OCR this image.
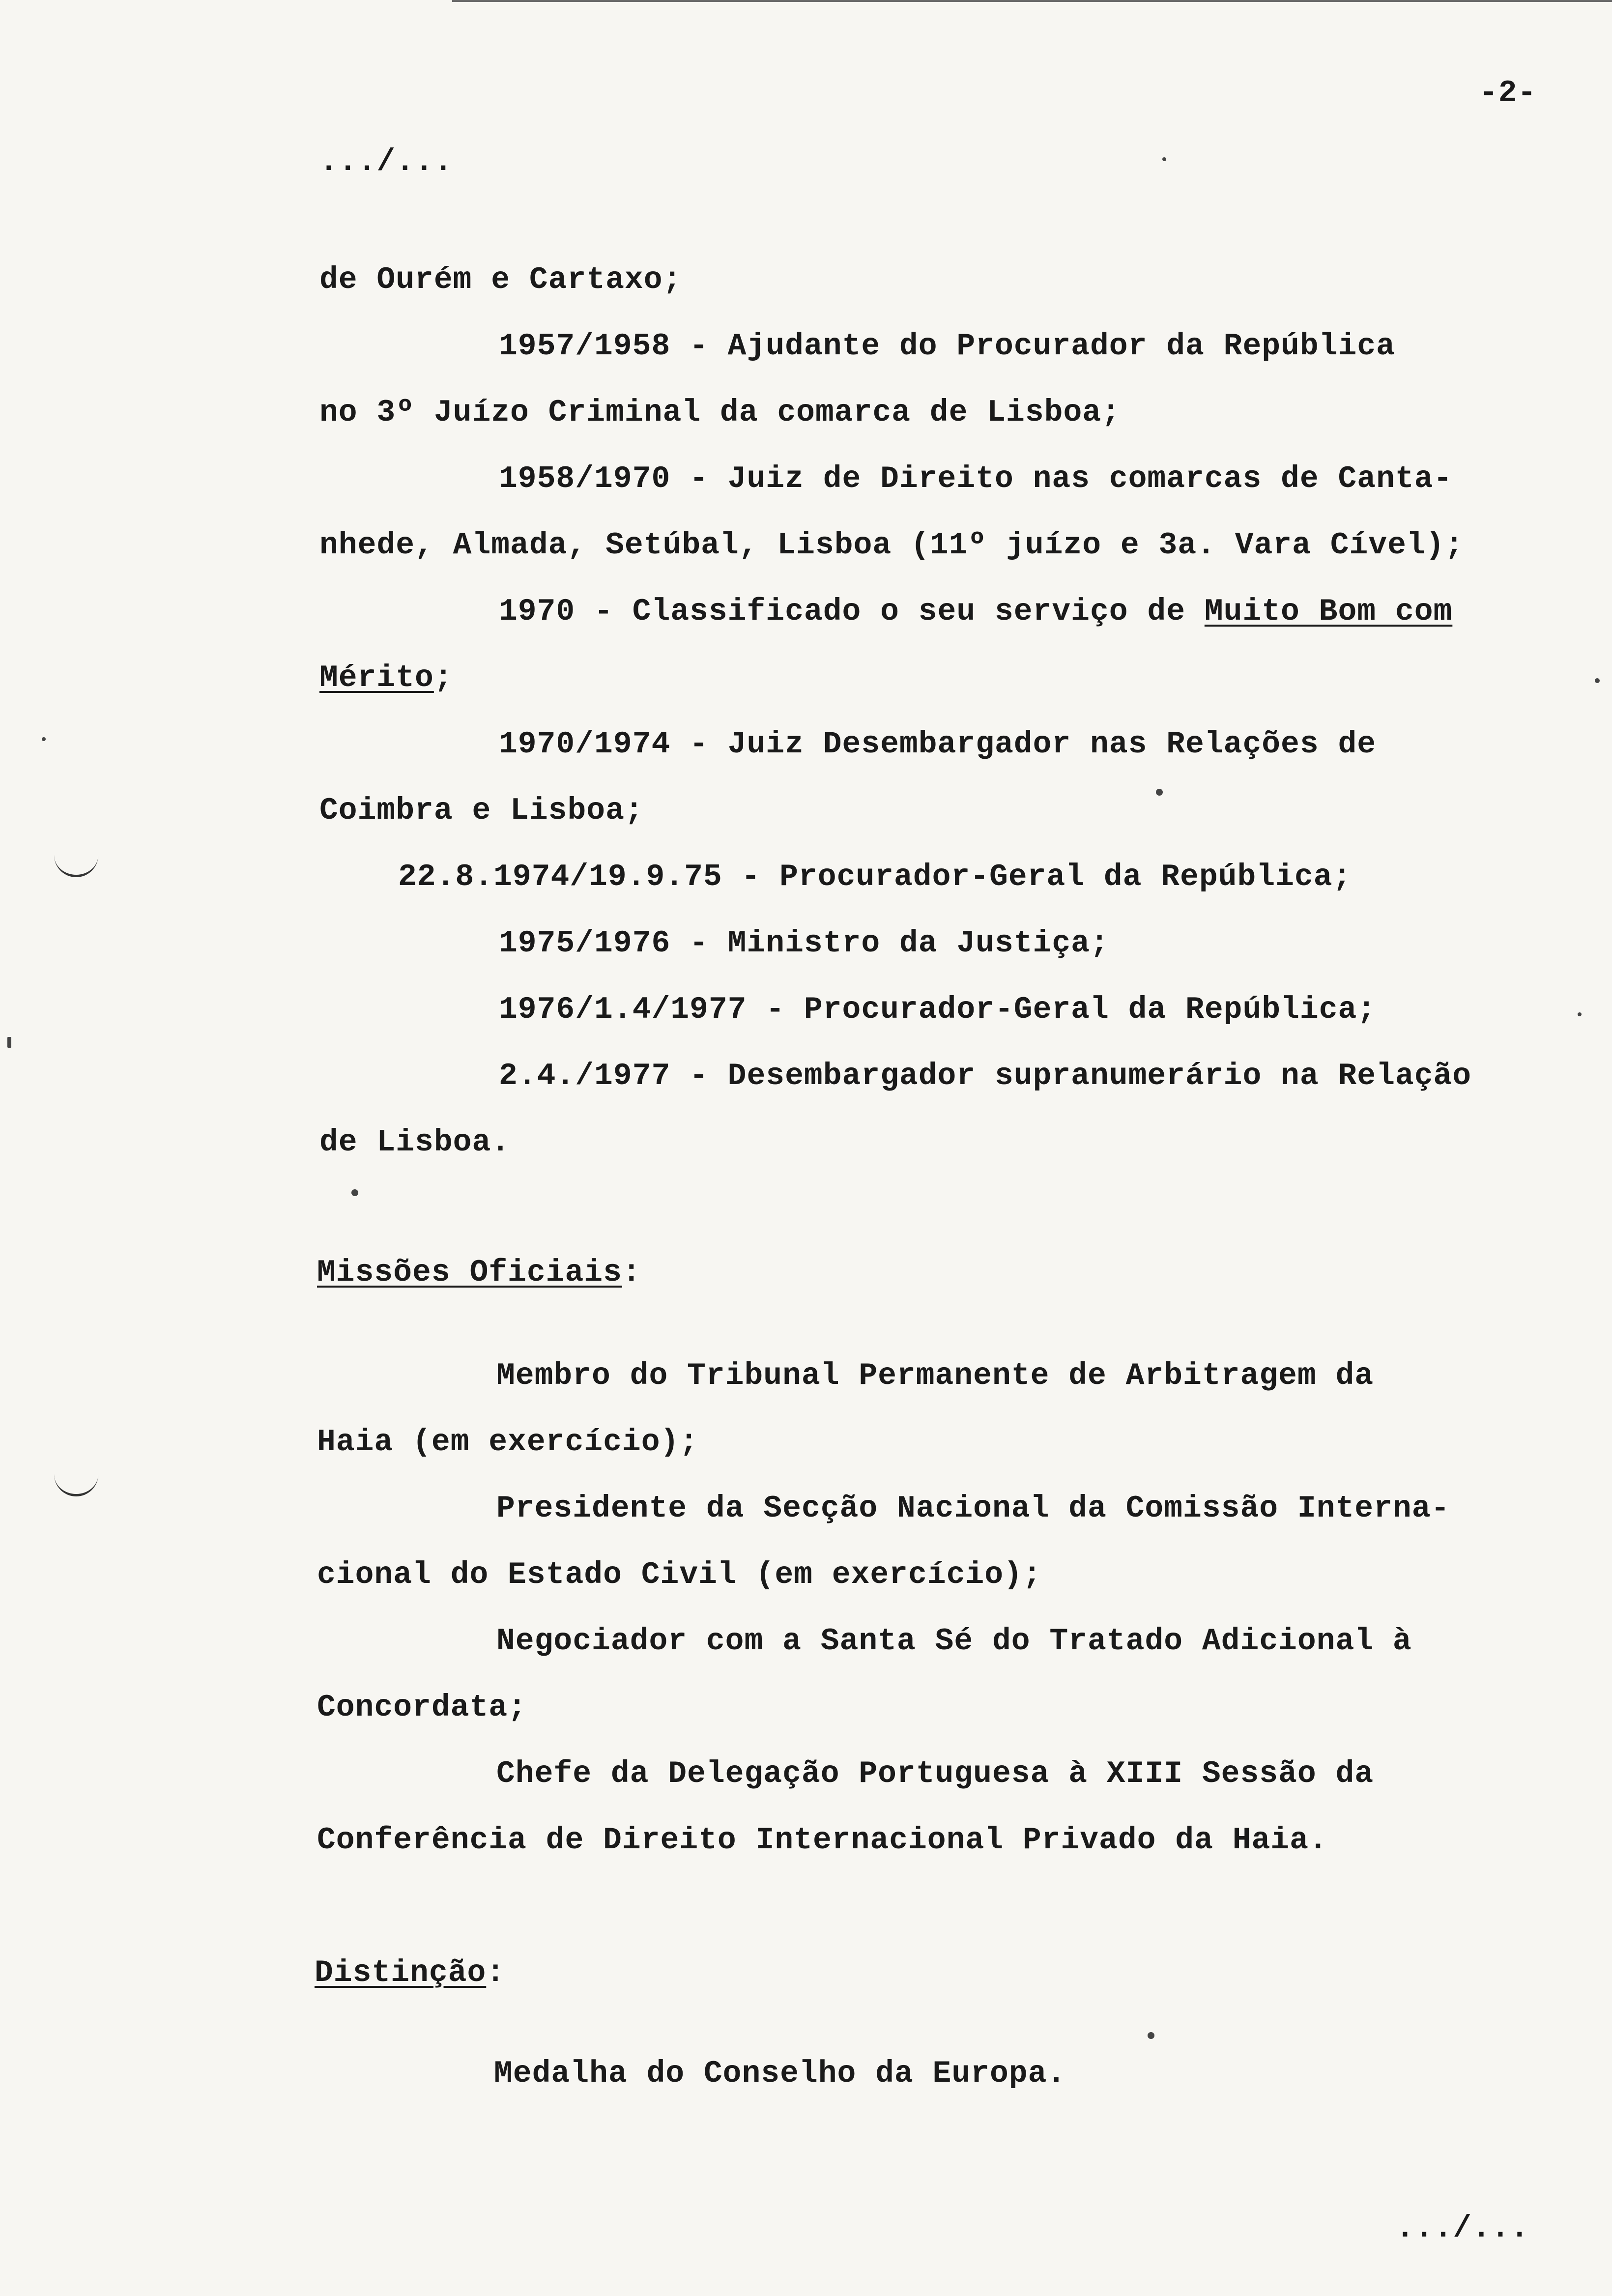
-2-
.../...
de Ourém e Cartaxo;
1957/1958 - Ajudante do Procurador da República
no 3º Juízo Criminal da comarca de Lisboa;
1958/1970 - Juiz de Direito nas comarcas de Canta-
nhede, Almada, Setúbal, Lisboa (11º juízo e 3a. Vara Cível);
1970 - Classificado o seu serviço de Muito Bom com
Mérito;
1970/1974 - Juiz Desembargador nas Relações de
Coimbra e Lisboa;
22.8.1974/19.9.75 - Procurador-Geral da República;
1975/1976 - Ministro da Justiça;
1976/1.4/1977 - Procurador-Geral da República;
2.4./1977 - Desembargador supranumerário na Relação
de Lisboa.
Missões Oficiais:
Membro do Tribunal Permanente de Arbitragem da
Haia (em exercício);
Presidente da Secção Nacional da Comissão Interna-
cional do Estado Civil (em exercício);
Negociador com a Santa Sé do Tratado Adicional à
Concordata;
Chefe da Delegação Portuguesa à XIII Sessão da
Conferência de Direito Internacional Privado da Haia.
Distinção:
Medalha do Conselho da Europa.
.../...
